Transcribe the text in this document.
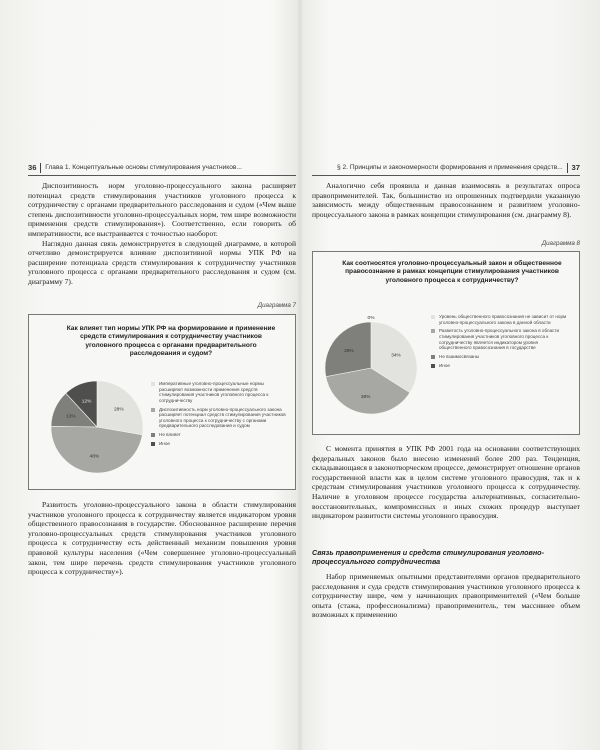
36 Глава 1. Концептуальные основы стимулирования участников...

Диспозитивность норм уголовно-процессуального закона расширяет потенциал средств стимулирования участников уголовного процесса к сотрудничеству с органами предварительного расследования и судом («Чем выше степень диспозитивности уголовно-процессуальных норм, тем шире возможности применения средств стимулирования»). Соответственно, если говорить об императивности, все выстраивается с точностью наоборот.

Наглядно данная связь демонстрируется в следующей диаграмме, в которой отчетливо демонстрируется влияние диспозитивной нормы УПК РФ на расширение потенциала средств стимулирования к сотрудничеству участников уголовного процесса с органами предварительного расследования и судом (см. диаграмму 7).

Диаграмма 7
Как влияет тип нормы УПК РФ на формирование и применение средств стимулирования к сотрудничеству участников уголовного процесса с органами предварительного расследования и судом?
28%
48%
13%
12%
Императивные уголовно-процессуальные нормы расширяют возможности применения средств стимулирования участников уголовного процесса к сотрудничеству
Диспозитивность норм уголовно-процессуального закона расширяет потенциал средств стимулирования участников уголовного процесса к сотрудничеству с органами предварительного расследования и судом
Не влияет
Иное

Развитость уголовно-процессуального закона в области стимулирования участников уголовного процесса к сотрудничеству является индикатором уровня общественного правосознания в государстве. Обоснованное расширение перечня уголовно-процессуальных средств стимулирования участников уголовного процесса к сотрудничеству есть действенный механизм повышения уровня правовой культуры населения («Чем совершеннее уголовно-процессуальный закон, тем шире перечень средств стимулирования участников уголовного процесса к сотрудничеству»).

§ 2. Принципы и закономерности формирования и применения средств... 37

Аналогично себя проявила и данная взаимосвязь в результатах опроса правоприменителей. Так, большинство из опрошенных подтвердили указанную зависимость между общественным правосознанием и развитием уголовно-процессуального закона в рамках концепции стимулирования (см. диаграмму 8).

Диаграмма 8
Как соотносятся уголовно-процессуальный закон и общественное правосознание в рамках концепции стимулирования участников уголовного процесса к сотрудничеству?
34%
38%
28%
0%	Уровень общественного правосознания не зависит от норм уголовно-процессуального закона в данной области
Развитость уголовно-процессуального закона в области стимулирования участников уголовного процесса к сотрудничеству является индикатором уровня общественного правосознания в государстве
Не взаимосвязаны
Иное

С момента принятия в УПК РФ 2001 года на основании соответствующих федеральных законов было внесено изменений более 200 раз. Тенденция, складывающаяся в законотворческом процессе, демонстрирует отношение органов государственной власти как в целом системе уголовного правосудия, так и к средствам стимулирования участников уголовного процесса к сотрудничеству. Наличие в уголовном процессе государства альтернативных, согласительно-восстановительных, компромиссных и иных схожих процедур выступает индикатором развитости системы уголовного правосудия.

Связь правоприменения и средств стимулирования уголовно-процессуального сотрудничества

Набор применяемых опытными представителями органов предварительного расследования и суда средств стимулирования участников уголовного процесса к сотрудничеству шире, чем у начинающих правоприменителей («Чем больше опыта (стажа, профессионализма) правоприменитель, тем массивнее объем возможных к применению
